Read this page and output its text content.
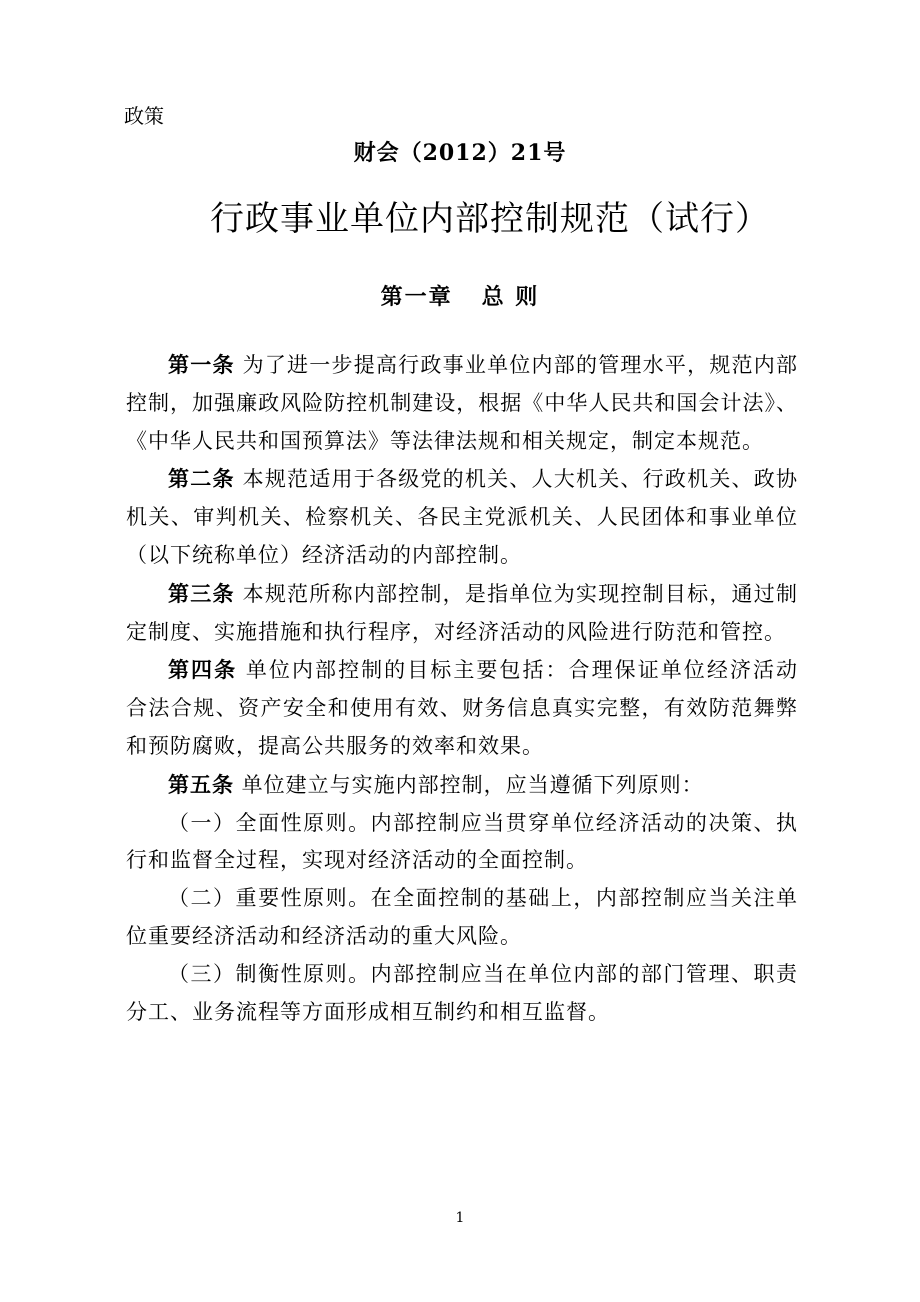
政策
财会（2012）21号
行政事业单位内部控制规范（试行）
第一章   总 则

第一条 为了进一步提高行政事业单位内部的管理水平，规范内部 控制，加强廉政风险防控机制建设，根据《中华人民共和国会计法》、《中华人民共和国预算法》等法律法规和相关规定，制定本规范。

第二条 本规范适用于各级党的机关、人大机关、行政机关、政协机关、审判机关、检察机关、各民主党派机关、人民团体和事业单位（以下统称单位）经济活动的内部控制。

第三条 本规范所称内部控制，是指单位为实现控制目标，通过制定制度、实施措施和执行程序，对经济活动的风险进行防范和管控。

第四条 单位内部控制的目标主要包括：合理保证单位经济活动 合法合规、资产安全和使用有效、财务信息真实完整，有效防范舞弊和预防腐败，提高公共服务的效率和效果。

第五条 单位建立与实施内部控制，应当遵循下列原则：

（一）全面性原则。内部控制应当贯穿单位经济活动的决策、执行和监督全过程，实现对经济活动的全面控制。

（二）重要性原则。在全面控制的基础上，内部控制应当关注单位重要经济活动和经济活动的重大风险。

（三）制衡性原则。内部控制应当在单位内部的部门管理、职责分工、业务流程等方面形成相互制约和相互监督。

1
